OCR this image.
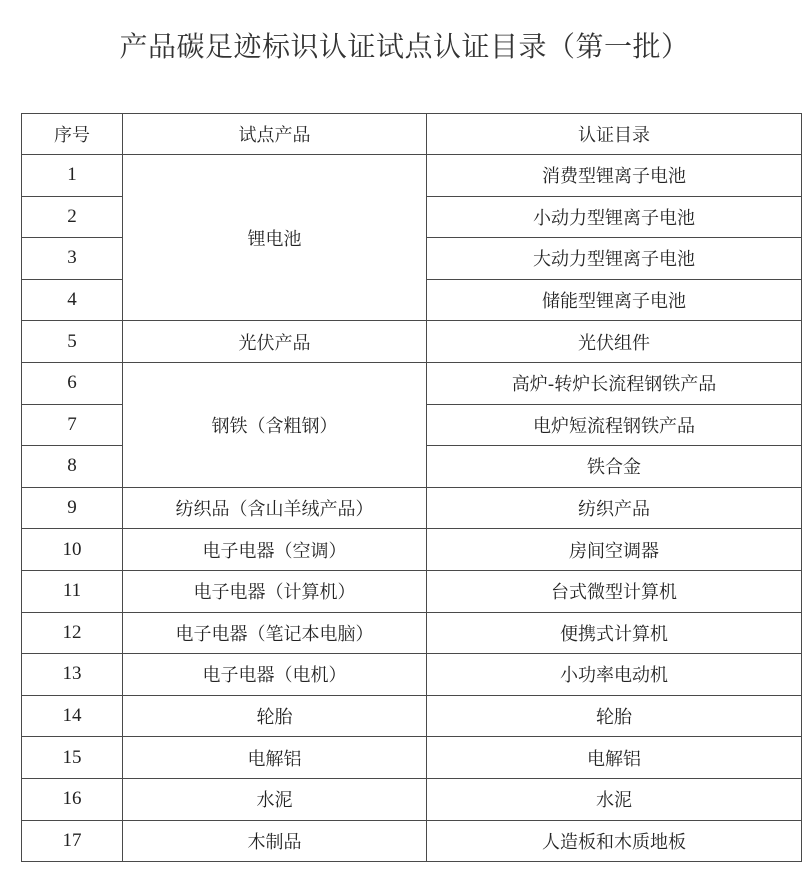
产品碳足迹标识认证试点认证目录（第一批）
序号	试点产品	认证目录
1	锂电池	消费型锂离子电池
2		小动力型锂离子电池
3		大动力型锂离子电池
4		储能型锂离子电池
5	光伏产品	光伏组件
6	钢铁（含粗钢）	高炉-转炉长流程钢铁产品
7		电炉短流程钢铁产品
8		铁合金
9	纺织品（含山羊绒产品）	纺织产品
10	电子电器（空调）	房间空调器
11	电子电器（计算机）	台式微型计算机
12	电子电器（笔记本电脑）	便携式计算机
13	电子电器（电机）	小功率电动机
14	轮胎	轮胎
15	电解铝	电解铝
16	水泥	水泥
17	木制品	人造板和木质地板
